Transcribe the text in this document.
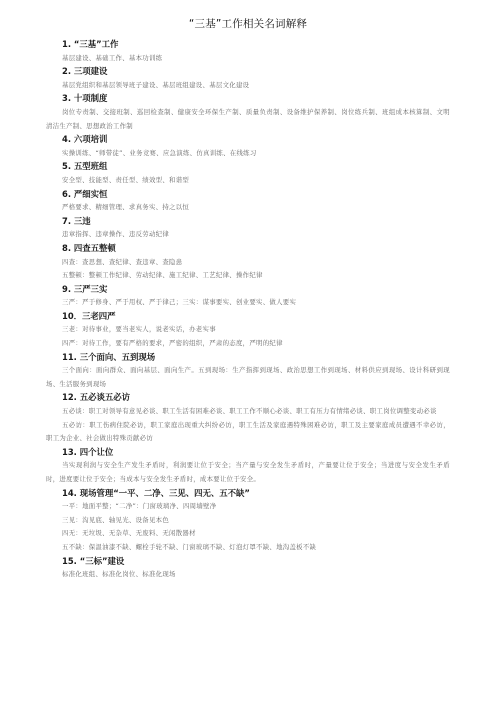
“三基”工作相关名词解释
1. “三基”工作
基层建设、基础工作、基本功训练
2. 三项建设
基层党组织和基层领导班子建设、基层班组建设、基层文化建设
3. 十项制度
岗位专责制、交接班制、巡回检查制、健康安全环保生产制、质量负责制、设备维护保养制、岗位练兵制、班组成本核算制、文明清洁生产制、思想政治工作制
4. 六项培训
实操训练、“师带徒”、业务竞赛、应急演练、仿真训练、在线练习
5. 五型班组
安全型、技能型、责任型、绩效型、和谐型
6. 严细实恒
严格要求、精细管理、求真务实、持之以恒
7. 三违
违章指挥、违章操作、违反劳动纪律
8. 四查五整顿
四查：查思想、查纪律、查违章、查隐患
五整顿：整顿工作纪律、劳动纪律、施工纪律、工艺纪律、操作纪律
9. 三严三实
三严：严于修身、严于用权、严于律己；三实：谋事要实、创业要实、做人要实
10．三老四严
三老：对待事业，要当老实人，说老实话，办老实事
四严：对待工作，要有严格的要求，严密的组织，严肃的态度，严明的纪律
11. 三个面向、五到现场
三个面向：面向群众、面向基层、面向生产。五到现场：生产指挥到现场、政治思想工作到现场、材料供应到现场、设计科研到现场、生活服务到现场
12. 五必谈五必访
五必谈：职工对领导有意见必谈、职工生活有困难必谈、职工工作不顺心必谈、职工有压力有情绪必谈、职工岗位调整变动必谈
五必访：职工伤病住院必访，职工家庭出现重大纠纷必访，职工生活及家庭遇特殊困难必访，职工及主要家庭成员遭遇不幸必访，职工为企业、社会做出特殊贡献必访
13. 四个让位
当实现利润与安全生产发生矛盾时，利润要让位于安全；当产量与安全发生矛盾时，产量要让位于安全；当进度与安全发生矛盾时，进度要让位于安全；当成本与安全发生矛盾时，成本要让位于安全。
14. 现场管理“一平、二净、三见、四无、五不缺”
一平：地面平整；“二净”：门窗玻璃净、四周墙壁净
三见：沟见底、轴见光、设备见本色
四无：无垃圾、无杂草、无废料、无闲散器材
五不缺：保温油漆不缺、螺栓手轮不缺、门窗玻璃不缺、灯泡灯罩不缺、地沟盖板不缺
15. “三标”建设
标准化班组、标准化岗位、标准化现场
